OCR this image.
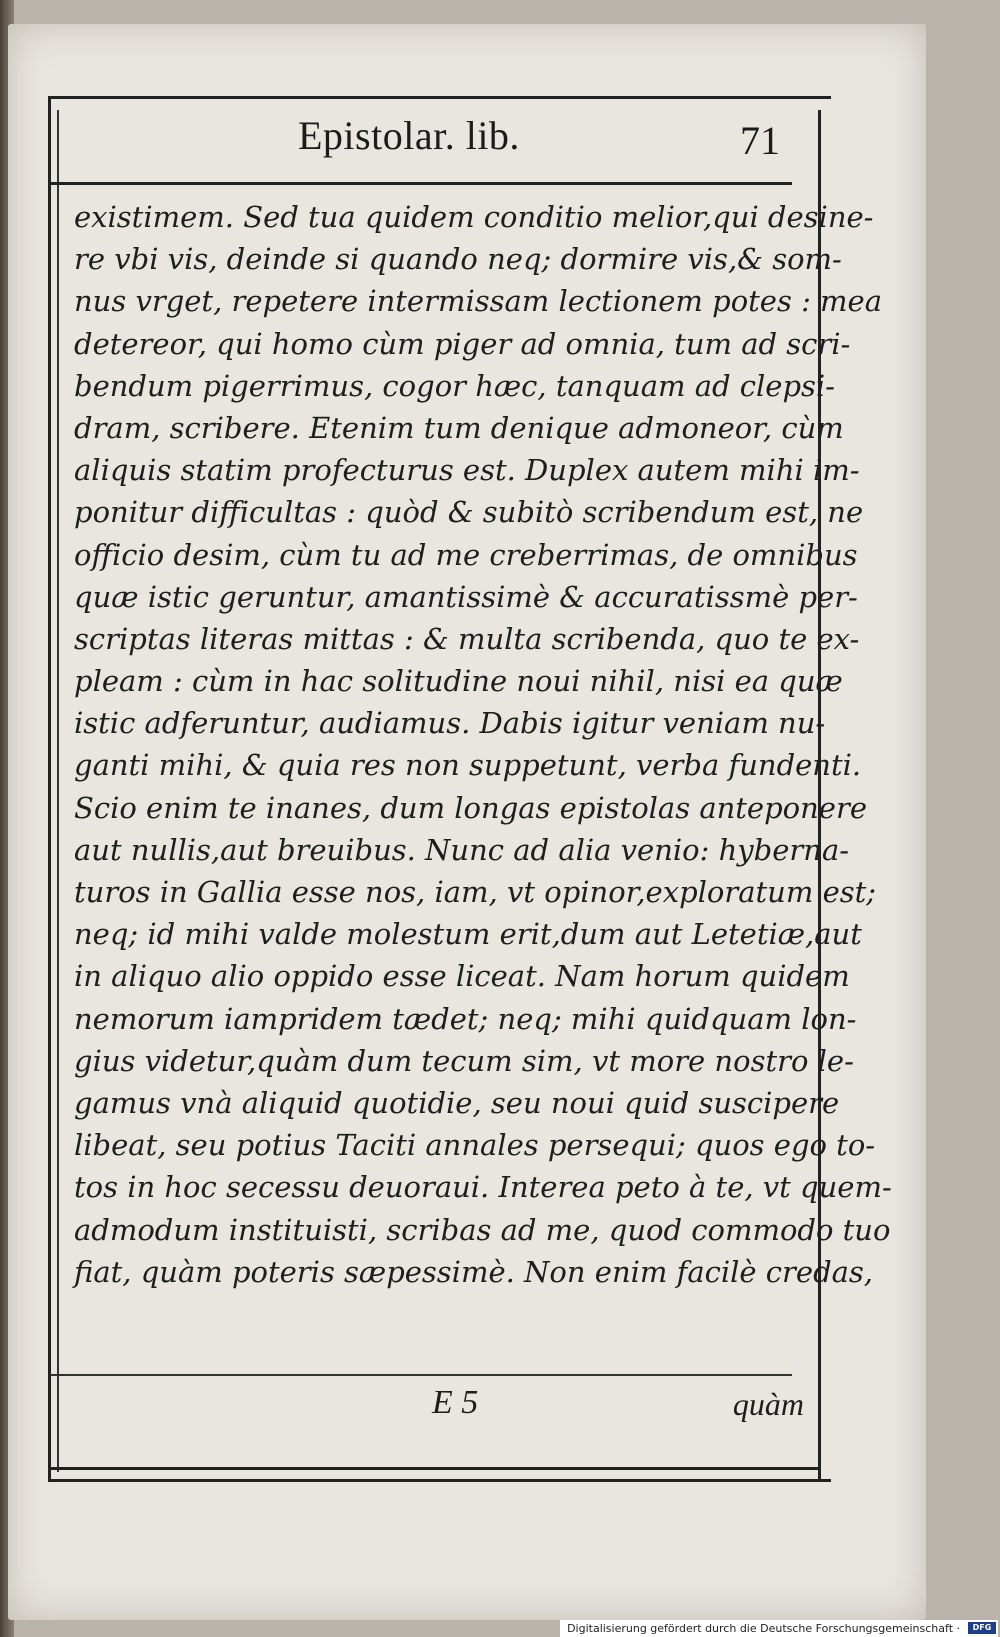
Epistolar. lib.	71
existimem. Sed tua quidem conditio melior,qui desine-
re vbi vis, deinde si quando neq; dormire vis,& som-
nus vrget, repetere intermissam lectionem potes : mea
detereor, qui homo cùm piger ad omnia, tum ad scri-
bendum pigerrimus, cogor hæc, tanquam ad clepsi-
dram, scribere. Etenim tum denique admoneor, cùm
aliquis statim profecturus est. Duplex autem mihi im-
ponitur difficultas : quòd & subitò scribendum est, ne
officio desim, cùm tu ad me creberrimas, de omnibus
quæ istic geruntur, amantissimè & accuratissmè per-
scriptas literas mittas : & multa scribenda, quo te ex-
pleam : cùm in hac solitudine noui nihil, nisi ea quæ
istic adferuntur, audiamus. Dabis igitur veniam nu-
ganti mihi, & quia res non suppetunt, verba fundenti.
Scio enim te inanes, dum longas epistolas anteponere
aut nullis,aut breuibus. Nunc ad alia venio: hyberna-
turos in Gallia esse nos, iam, vt opinor,exploratum est;
neq; id mihi valde molestum erit,dum aut Letetiæ,aut
in aliquo alio oppido esse liceat. Nam horum quidem
nemorum iampridem tædet; neq; mihi quidquam lon-
gius videtur,quàm dum tecum sim, vt more nostro le-
gamus vnà aliquid quotidie, seu noui quid suscipere
libeat, seu potius Taciti annales persequi; quos ego to-
tos in hoc secessu deuoraui. Interea peto à te, vt quem-
admodum instituisti, scribas ad me, quod commodo tuo
fiat, quàm poteris sæpessimè. Non enim facilè credas,
E 5	quàm
Digitalisierung gefördert durch die Deutsche Forschungsgemeinschaft ·	DFG
